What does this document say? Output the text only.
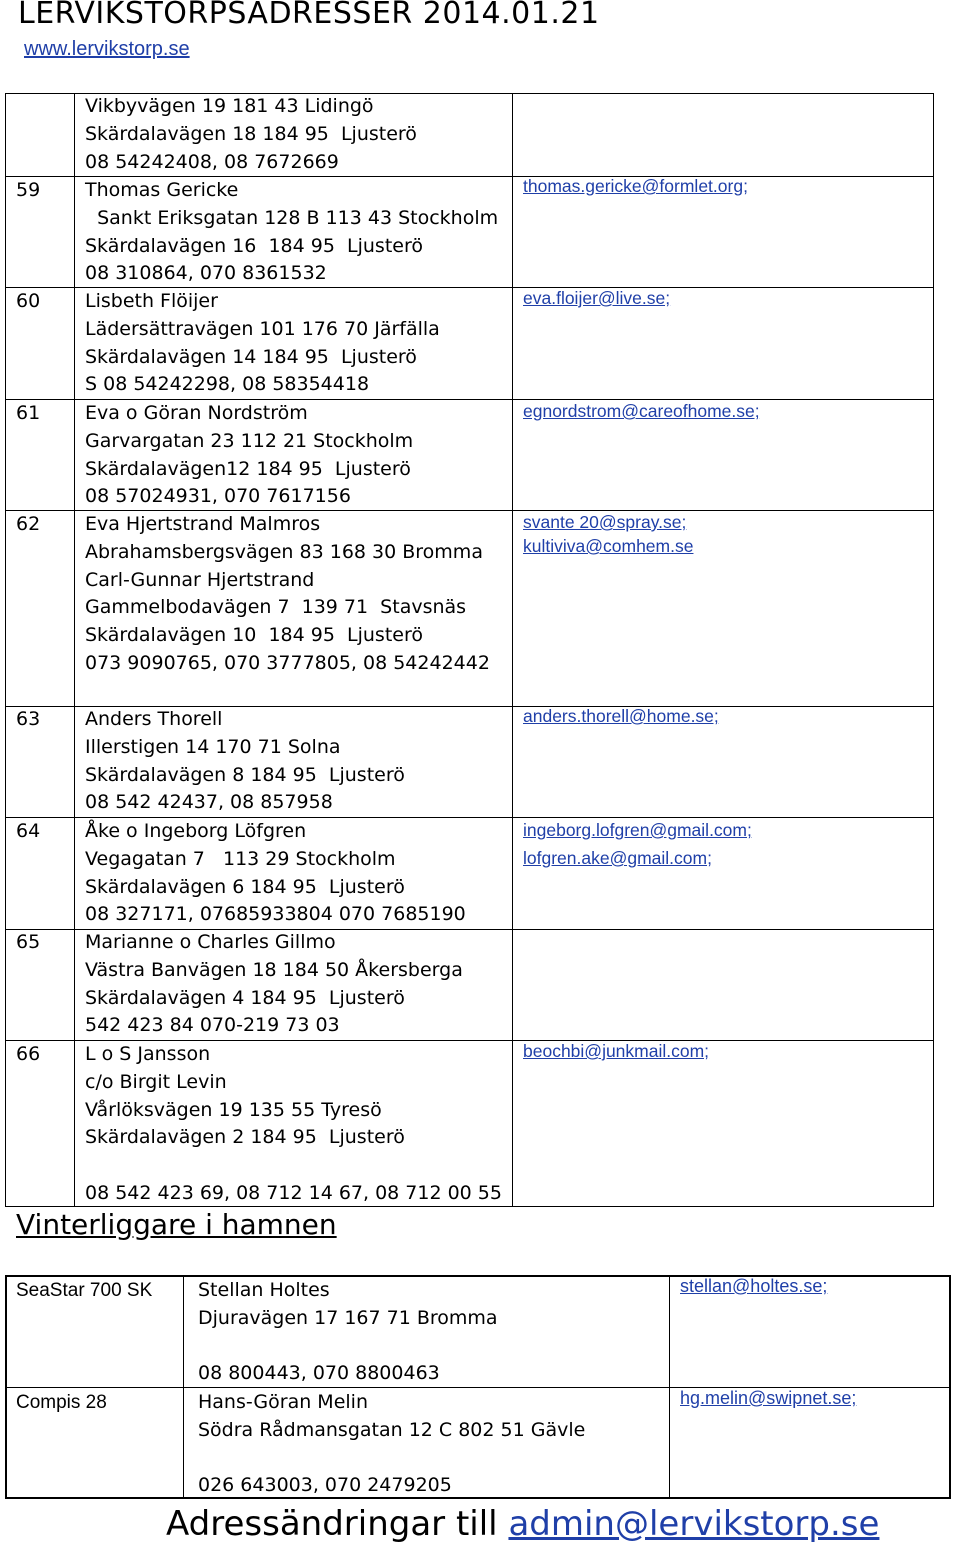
LERVIKSTORPSADRESSER 2014.01.21
www.lervikstorp.se
Vikbyvägen 19 181 43 Lidingö
Skärdalavägen 18 184 95  Ljusterö
08 54242408, 08 7672669
59 Thomas Gericke
Sankt Eriksgatan 128 B 113 43 Stockholm
Skärdalavägen 16  184 95  Ljusterö
08 310864, 070 8361532
thomas.gericke@formlet.org;
60 Lisbeth Flöijer
Lädersättravägen 101 176 70 Järfälla
Skärdalavägen 14 184 95  Ljusterö
S 08 54242298, 08 58354418
eva.floijer@live.se;
61 Eva o Göran Nordström
Garvargatan 23 112 21 Stockholm
Skärdalavägen12 184 95  Ljusterö
08 57024931, 070 7617156
egnordstrom@careofhome.se;
62 Eva Hjertstrand Malmros
Abrahamsbergsvägen 83 168 30 Bromma
Carl-Gunnar Hjertstrand
Gammelbodavägen 7  139 71  Stavsnäs
Skärdalavägen 10  184 95  Ljusterö
073 9090765, 070 3777805, 08 54242442
svante 20@spray.se;
kultiviva@comhem.se
63 Anders Thorell
Illerstigen 14 170 71 Solna
Skärdalavägen 8 184 95  Ljusterö
08 542 42437, 08 857958
anders.thorell@home.se;
64 Åke o Ingeborg Löfgren
Vegagatan 7   113 29 Stockholm
Skärdalavägen 6 184 95  Ljusterö
08 327171, 07685933804 070 7685190
ingeborg.lofgren@gmail.com;
lofgren.ake@gmail.com;
65 Marianne o Charles Gillmo
Västra Banvägen 18 184 50 Åkersberga
Skärdalavägen 4 184 95  Ljusterö
542 423 84 070-219 73 03
66 L o S Jansson
c/o Birgit Levin
Vårlöksvägen 19 135 55 Tyresö
Skärdalavägen 2 184 95  Ljusterö
08 542 423 69, 08 712 14 67, 08 712 00 55
beochbi@junkmail.com;
Vinterliggare i hamnen
SeaStar 700 SK Stellan Holtes
Djuravägen 17 167 71 Bromma
08 800443, 070 8800463
stellan@holtes.se;
Compis 28	Hans-Göran Melin
Södra Rådmansgatan 12 C 802 51 Gävle
026 643003, 070 2479205
hg.melin@swipnet.se;
Adressändringar till admin@lervikstorp.se
